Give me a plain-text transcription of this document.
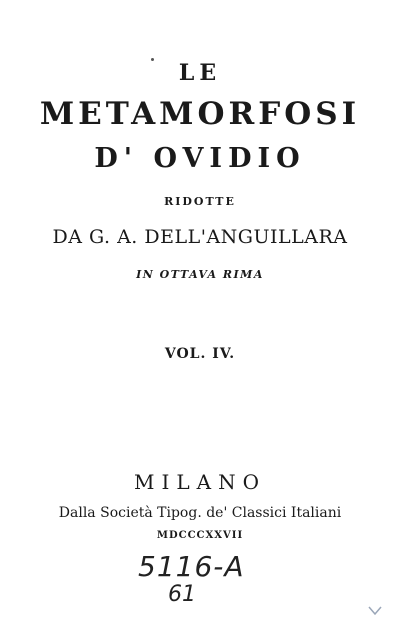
LE
METAMORFOSI
D' OVIDIO
RIDOTTE
DA G. A. DELL'ANGUILLARA
IN OTTAVA RIMA
VOL. IV.
MILANO
Dalla Società Tipog. de' Classici Italiani
MDCCCXXVII
5116-A
61
